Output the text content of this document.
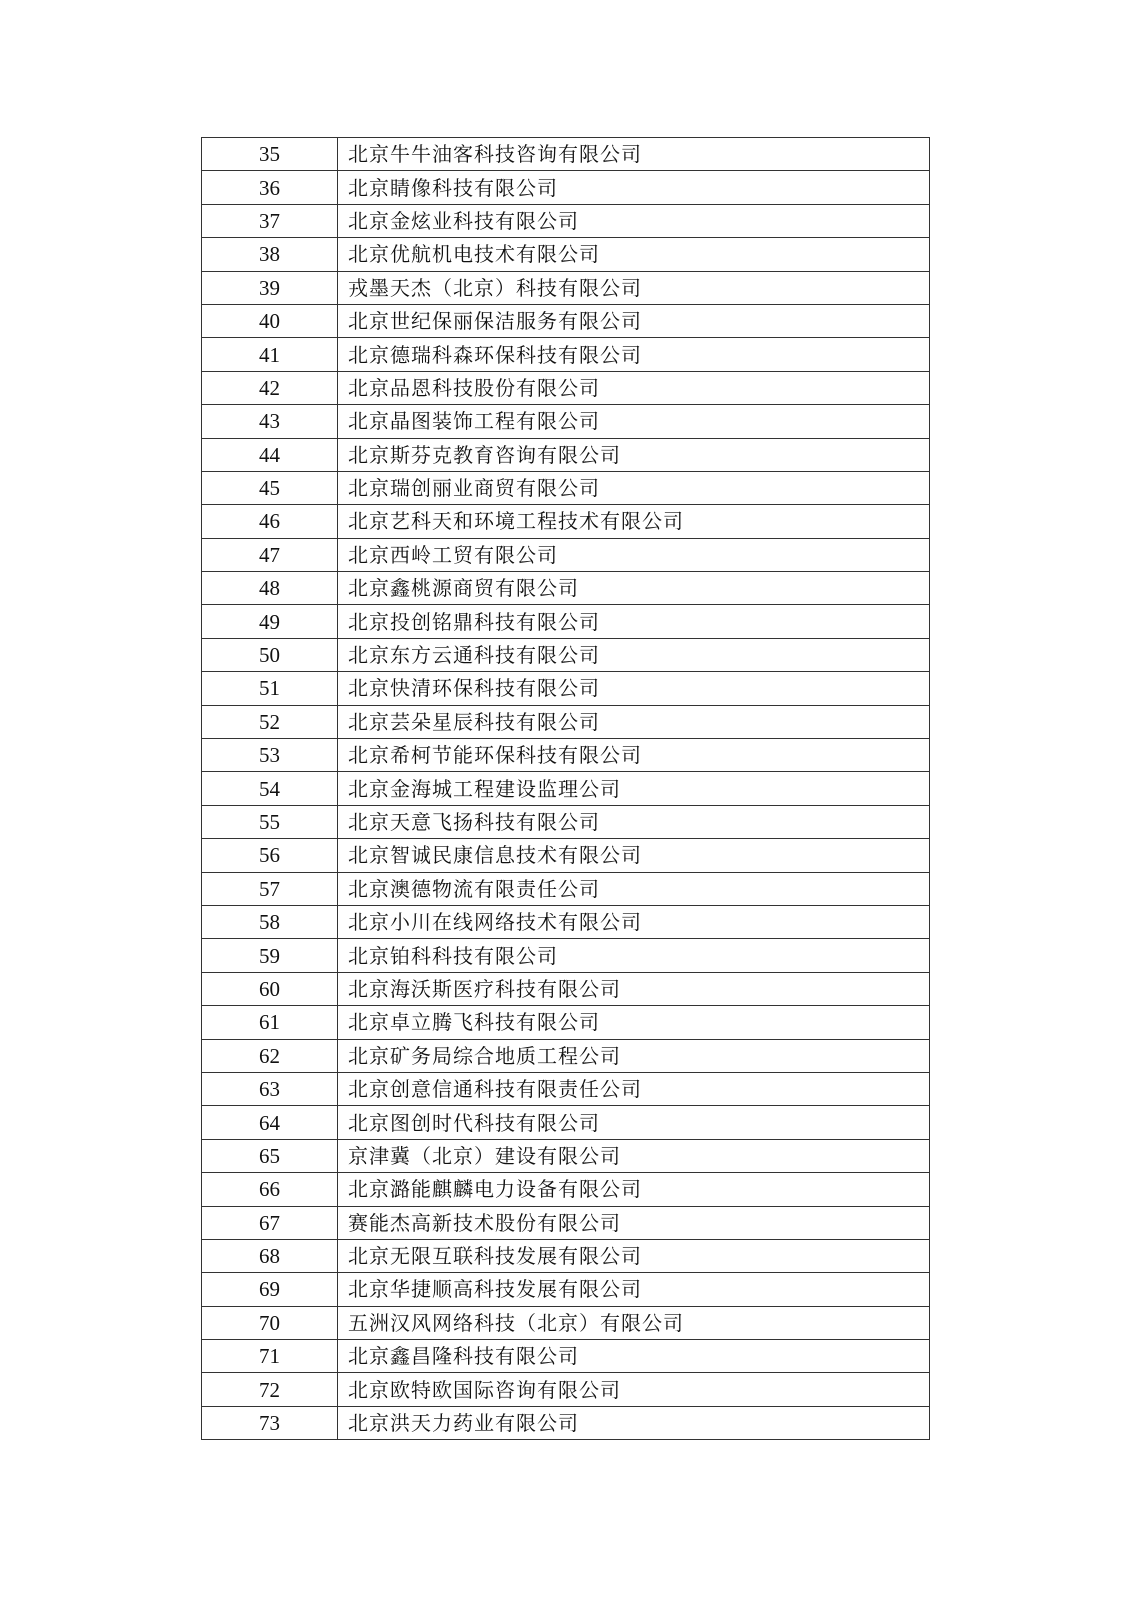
35	北京牛牛油客科技咨询有限公司
36	北京睛像科技有限公司
37	北京金炫业科技有限公司
38	北京优航机电技术有限公司
39	戎墨天杰（北京）科技有限公司
40	北京世纪保丽保洁服务有限公司
41	北京德瑞科森环保科技有限公司
42	北京品恩科技股份有限公司
43	北京晶图装饰工程有限公司
44	北京斯芬克教育咨询有限公司
45	北京瑞创丽业商贸有限公司
46	北京艺科天和环境工程技术有限公司
47	北京西岭工贸有限公司
48	北京鑫桃源商贸有限公司
49	北京投创铭鼎科技有限公司
50	北京东方云通科技有限公司
51	北京快清环保科技有限公司
52	北京芸朵星辰科技有限公司
53	北京希柯节能环保科技有限公司
54	北京金海城工程建设监理公司
55	北京天意飞扬科技有限公司
56	北京智诚民康信息技术有限公司
57	北京澳德物流有限责任公司
58	北京小川在线网络技术有限公司
59	北京铂科科技有限公司
60	北京海沃斯医疗科技有限公司
61	北京卓立腾飞科技有限公司
62	北京矿务局综合地质工程公司
63	北京创意信通科技有限责任公司
64	北京图创时代科技有限公司
65	京津冀（北京）建设有限公司
66	北京潞能麒麟电力设备有限公司
67	赛能杰高新技术股份有限公司
68	北京无限互联科技发展有限公司
69	北京华捷顺高科技发展有限公司
70	五洲汉风网络科技（北京）有限公司
71	北京鑫昌隆科技有限公司
72	北京欧特欧国际咨询有限公司
73	北京洪天力药业有限公司
